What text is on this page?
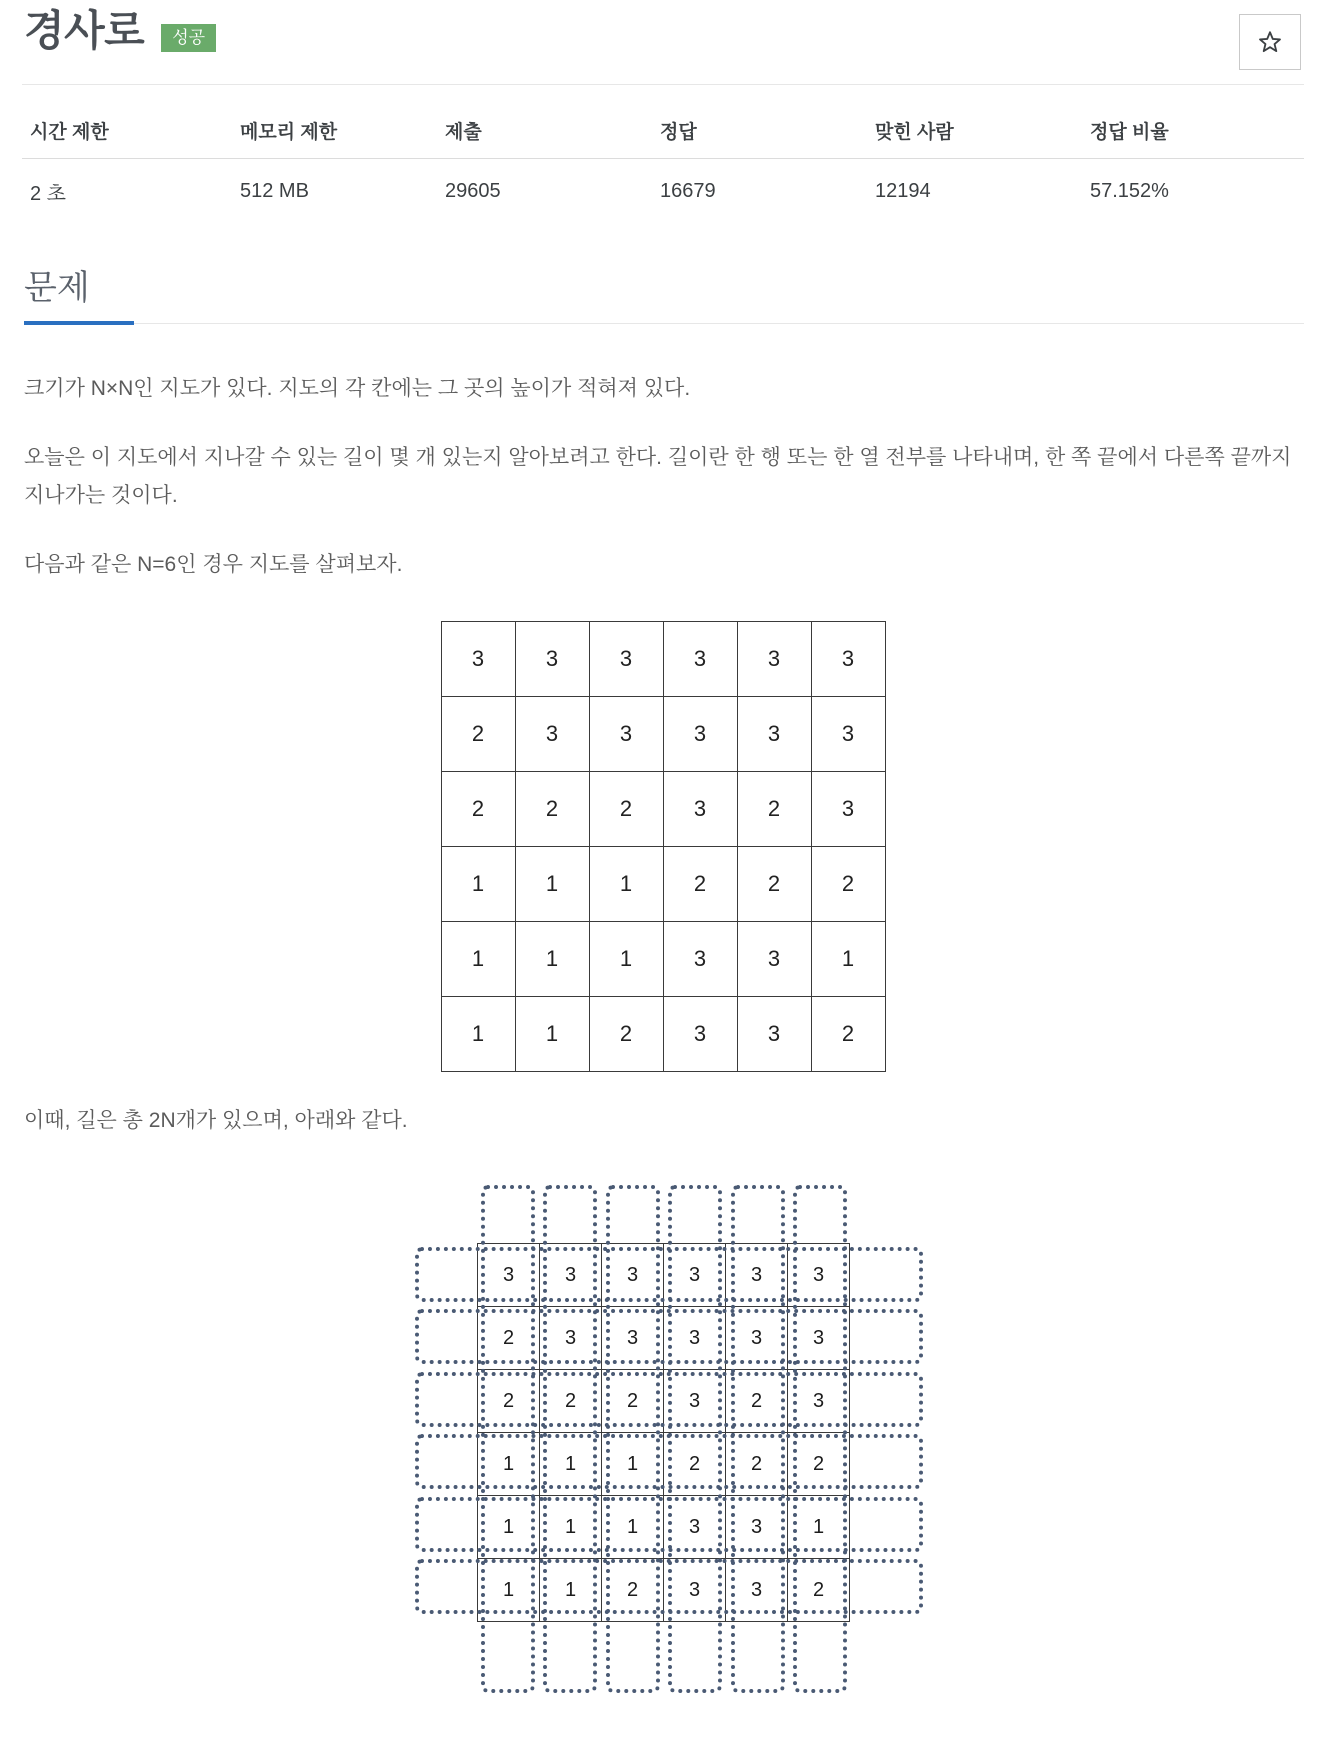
경사로	성공
시간 제한	메모리 제한	제출	정답	맞힌 사람	정답 비율
2 초	512 MB	29605	16679	12194	57.152%
문제

크기가 N×N인 지도가 있다. 지도의 각 칸에는 그 곳의 높이가 적혀져 있다.

오늘은 이 지도에서 지나갈 수 있는 길이 몇 개 있는지 알아보려고 한다. 길이란 한 행 또는 한 열 전부를 나타내며, 한 쪽 끝에서 다른쪽 끝까지 지나가는 것이다.

다음과 같은 N=6인 경우 지도를 살펴보자.

3	3	3	3	3	3
2	3	3	3	3	3
2	2	2	3	2	3
1	1	1	2	2	2
1	1	1	3	3	1
1	1	2	3	3	2

이때, 길은 총 2N개가 있으며, 아래와 같다.

3	3	3	3	3	3
2	3	3	3	3	3
2	2	2	3	2	3
1	1	1	2	2	2
1	1	1	3	3	1
1	1	2	3	3	2
